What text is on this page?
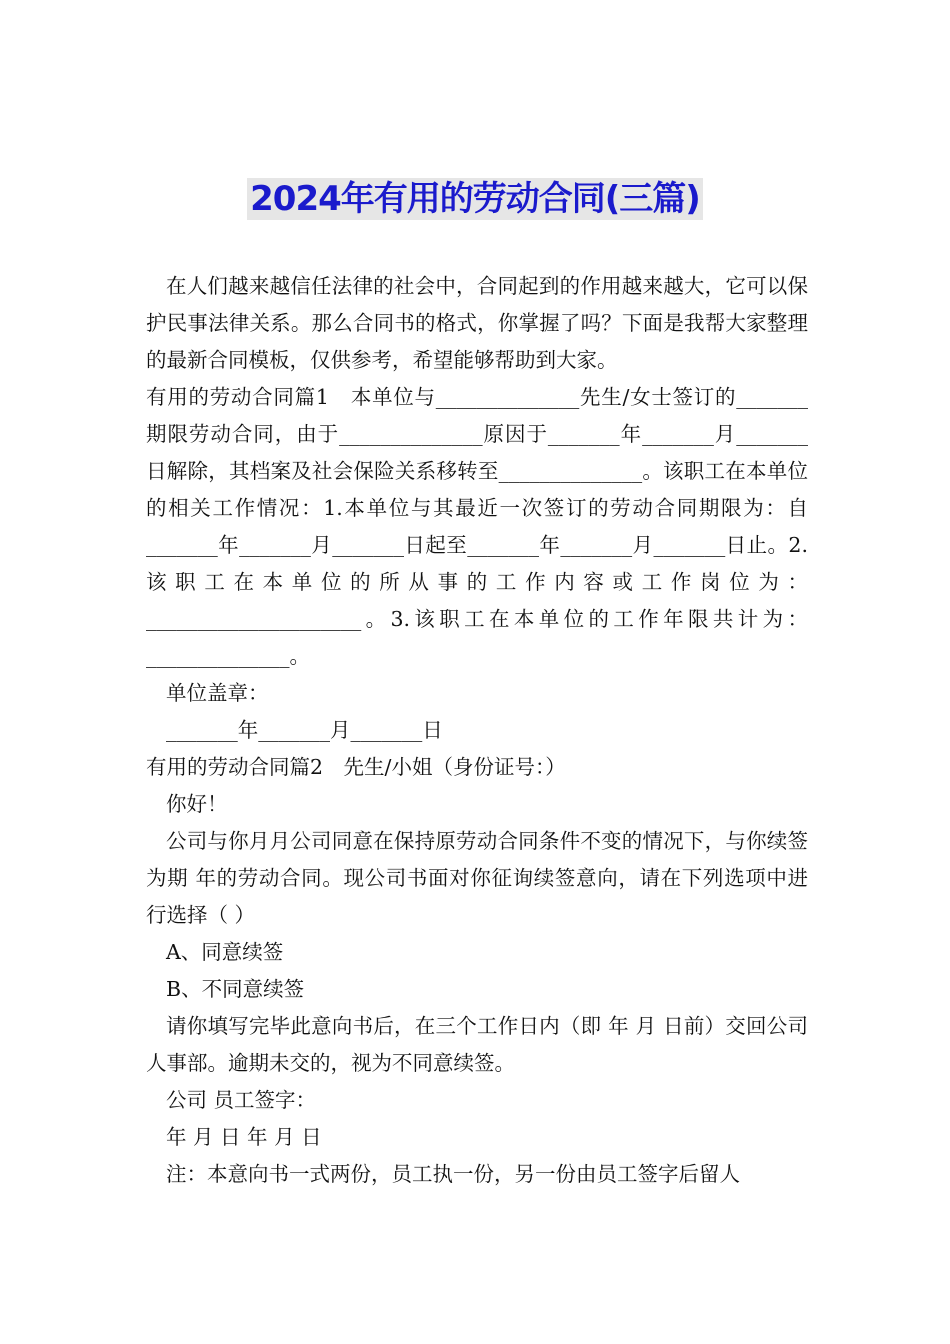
2024年有用的劳动合同(三篇)

在人们越来越信任法律的社会中，合同起到的作用越来越大，它可以保护民事法律关系。那么合同书的格式，你掌握了吗？下面是我帮大家整理的最新合同模板，仅供参考，希望能够帮助到大家。

有用的劳动合同篇1　本单位与______________先生/女士签订的_______期限劳动合同，由于______________原因于_______年_______月_______日解除，其档案及社会保险关系移转至______________。该职工在本单位的相关工作情况：1.本单位与其最近一次签订的劳动合同期限为：自_______年_______月_______日起至_______年_______月_______日止。2.该职工在本单位的所从事的工作内容或工作岗位为：_____________________。3.该职工在本单位的工作年限共计为：______________。

单位盖章：

_______年_______月_______日

有用的劳动合同篇2　先生/小姐（身份证号：）

你好！

公司与你月月公司同意在保持原劳动合同条件不变的情况下，与你续签为期 年的劳动合同。现公司书面对你征询续签意向，请在下列选项中进行选择（ ）

A、同意续签

B、不同意续签

请你填写完毕此意向书后，在三个工作日内（即 年 月 日前）交回公司 人事部。逾期未交的，视为不同意续签。

公司 员工签字：

年 月 日 年 月 日

注：本意向书一式两份，员工执一份，另一份由员工签字后留人
